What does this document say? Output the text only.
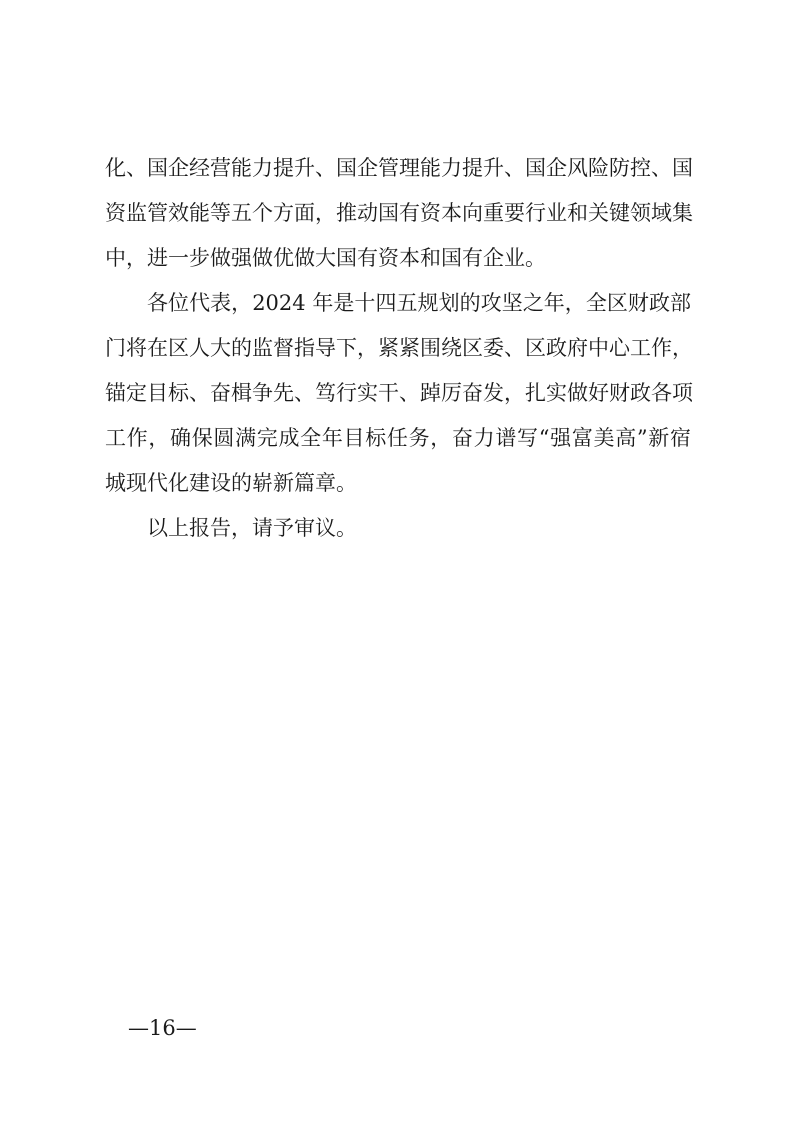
化、国企经营能力提升、国企管理能力提升、国企风险防控、国
资监管效能等五个方面，推动国有资本向重要行业和关键领域集
中，进一步做强做优做大国有资本和国有企业。
各位代表，2024 年是十四五规划的攻坚之年，全区财政部
门将在区人大的监督指导下，紧紧围绕区委、区政府中心工作，
锚定目标、奋楫争先、笃行实干、踔厉奋发，扎实做好财政各项
工作，确保圆满完成全年目标任务，奋力谱写“强富美高”新宿
城现代化建设的崭新篇章。
以上报告，请予审议。
—16—
